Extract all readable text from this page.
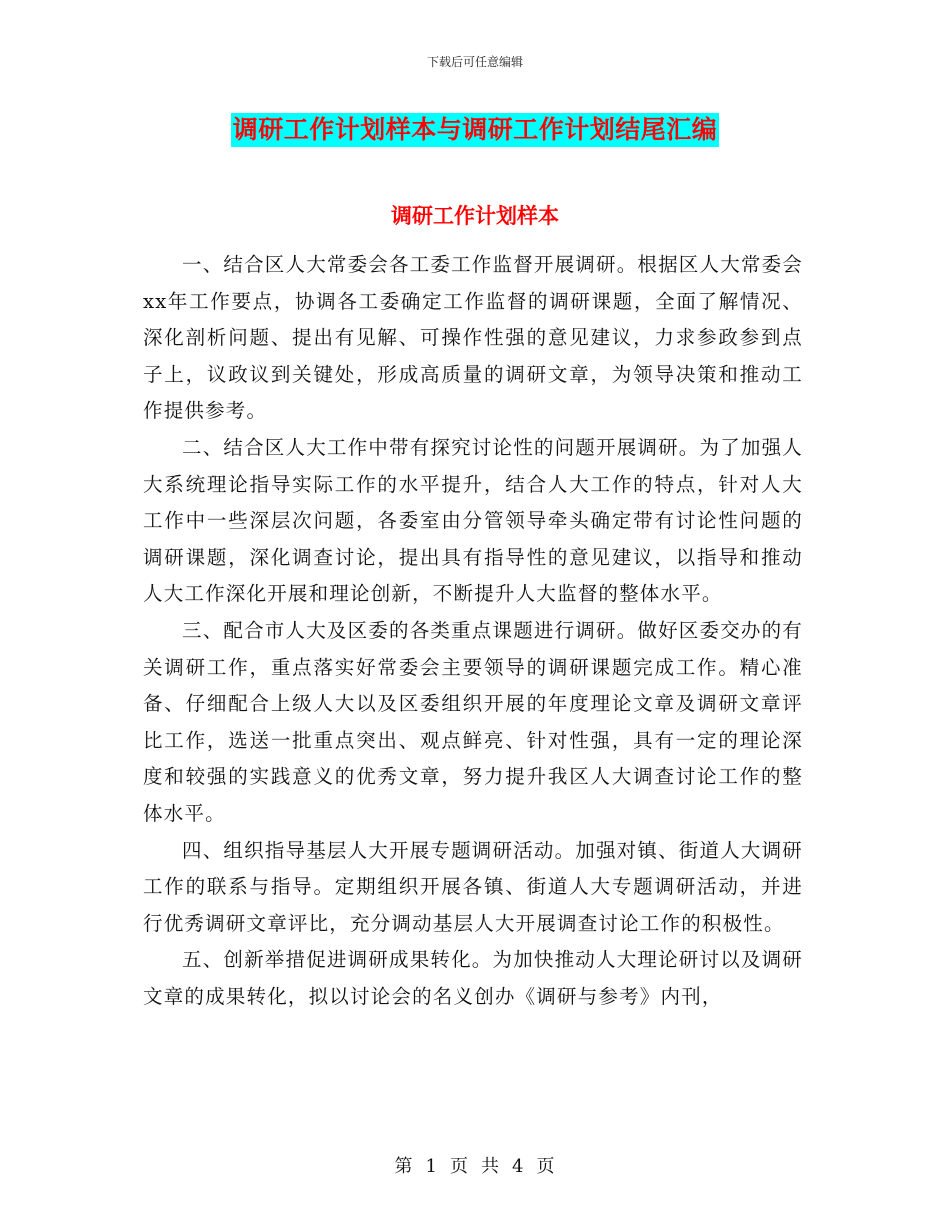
下载后可任意编辑
调研工作计划样本与调研工作计划结尾汇编
调研工作计划样本

一、结合区人大常委会各工委工作监督开展调研。根据区人大常委会xx年工作要点，协调各工委确定工作监督的调研课题，全面了解情况、深化剖析问题、提出有见解、可操作性强的意见建议，力求参政参到点子上，议政议到关键处，形成高质量的调研文章，为领导决策和推动工作提供参考。

二、结合区人大工作中带有探究讨论性的问题开展调研。为了加强人大系统理论指导实际工作的水平提升，结合人大工作的特点，针对人大工作中一些深层次问题，各委室由分管领导牵头确定带有讨论性问题的调研课题，深化调查讨论，提出具有指导性的意见建议，以指导和推动人大工作深化开展和理论创新，不断提升人大监督的整体水平。

三、配合市人大及区委的各类重点课题进行调研。做好区委交办的有关调研工作，重点落实好常委会主要领导的调研课题完成工作。精心准备、仔细配合上级人大以及区委组织开展的年度理论文章及调研文章评比工作，选送一批重点突出、观点鲜亮、针对性强，具有一定的理论深度和较强的实践意义的优秀文章，努力提升我区人大调查讨论工作的整体水平。

四、组织指导基层人大开展专题调研活动。加强对镇、街道人大调研工作的联系与指导。定期组织开展各镇、街道人大专题调研活动，并进行优秀调研文章评比，充分调动基层人大开展调查讨论工作的积极性。

五、创新举措促进调研成果转化。为加快推动人大理论研讨以及调研文章的成果转化，拟以讨论会的名义创办《调研与参考》内刊，

第 1 页 共 4 页
